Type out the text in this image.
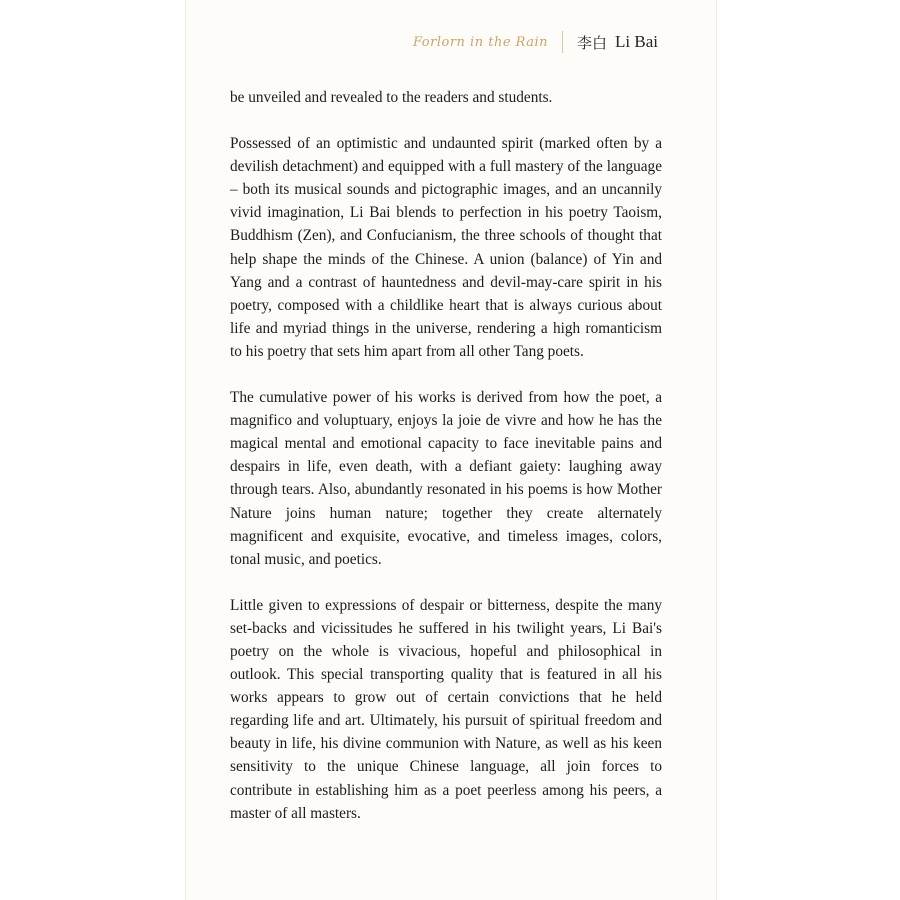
Forlorn in the Rain 李白 Li Bai

be unveiled and revealed to the readers and students.

Possessed of an optimistic and undaunted spirit (marked often by a devilish detachment) and equipped with a full mastery of the language – both its musical sounds and pictographic images, and an uncannily vivid imagination, Li Bai blends to perfection in his poetry Taoism, Buddhism (Zen), and Confucianism, the three schools of thought that help shape the minds of the Chinese. A union (balance) of Yin and Yang and a contrast of hauntedness and devil-may-care spirit in his poetry, composed with a childlike heart that is always curious about life and myriad things in the universe, rendering a high romanticism to his poetry that sets him apart from all other Tang poets.

The cumulative power of his works is derived from how the poet, a magnifico and voluptuary, enjoys la joie de vivre and how he has the magical mental and emotional capacity to face inevitable pains and despairs in life, even death, with a defiant gaiety: laughing away through tears. Also, abundantly resonated in his poems is how Mother Nature joins human nature; together they create alternately magnificent and exquisite, evocative, and timeless images, colors, tonal music, and poetics.

Little given to expressions of despair or bitterness, despite the many set-backs and vicissitudes he suffered in his twilight years, Li Bai's poetry on the whole is vivacious, hopeful and philosophical in outlook. This special transporting quality that is featured in all his works appears to grow out of certain convictions that he held regarding life and art. Ultimately, his pursuit of spiritual freedom and beauty in life, his divine communion with Nature, as well as his keen sensitivity to the unique Chinese language, all join forces to contribute in establishing him as a poet peerless among his peers, a master of all masters.
